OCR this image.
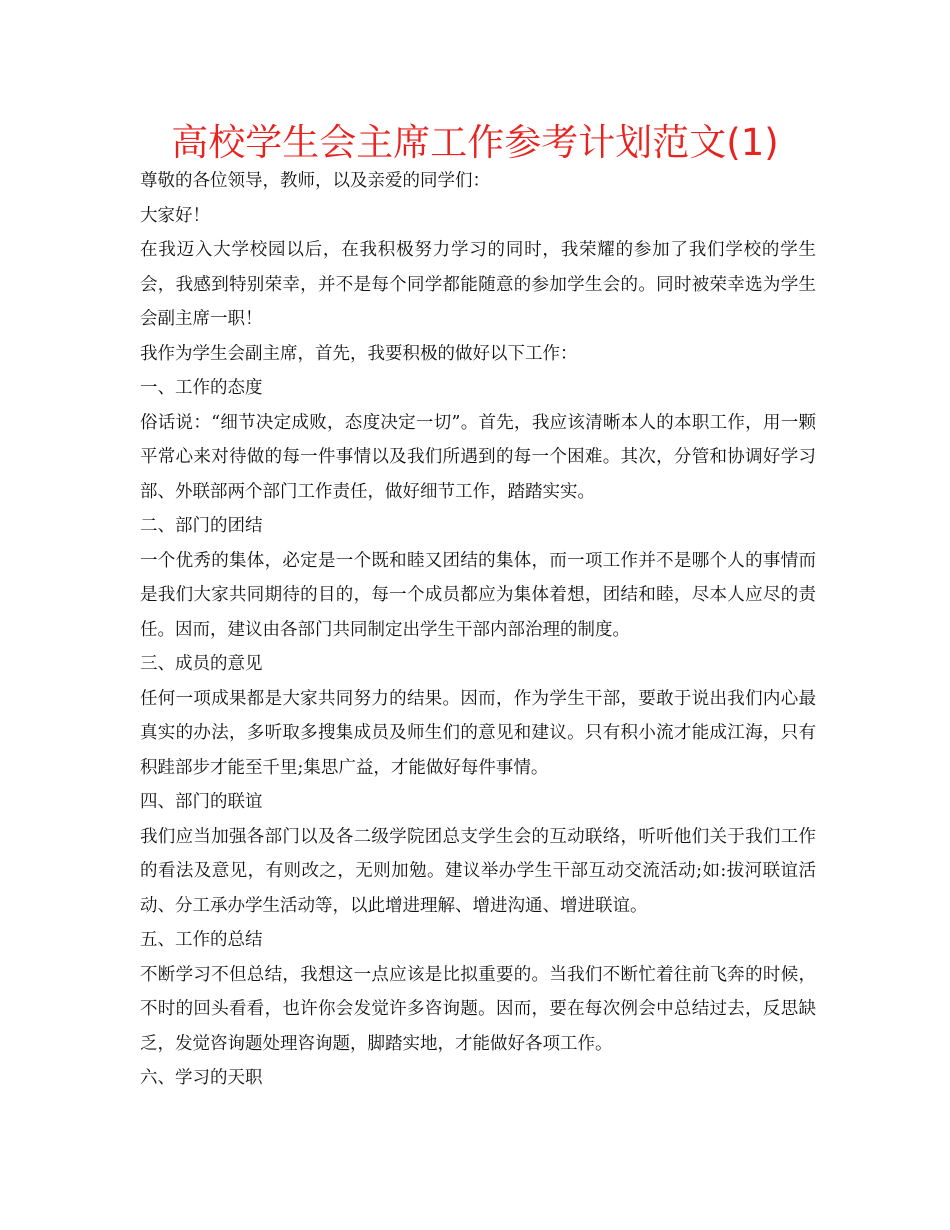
高校学生会主席工作参考计划范文(1)

尊敬的各位领导，教师，以及亲爱的同学们：

大家好！

在我迈入大学校园以后，在我积极努力学习的同时，我荣耀的参加了我们学校的学生会，我感到特别荣幸，并不是每个同学都能随意的参加学生会的。同时被荣幸选为学生会副主席一职！

我作为学生会副主席，首先，我要积极的做好以下工作：

一、工作的态度

俗话说：“细节决定成败，态度决定一切”。首先，我应该清晰本人的本职工作，用一颗平常心来对待做的每一件事情以及我们所遇到的每一个困难。其次，分管和协调好学习部、外联部两个部门工作责任，做好细节工作，踏踏实实。

二、部门的团结

一个优秀的集体，必定是一个既和睦又团结的集体，而一项工作并不是哪个人的事情而是我们大家共同期待的目的，每一个成员都应为集体着想，团结和睦，尽本人应尽的责任。因而，建议由各部门共同制定出学生干部内部治理的制度。

三、成员的意见

任何一项成果都是大家共同努力的结果。因而，作为学生干部，要敢于说出我们内心最真实的办法，多听取多搜集成员及师生们的意见和建议。只有积小流才能成江海，只有积跬部步才能至千里;集思广益，才能做好每件事情。

四、部门的联谊

我们应当加强各部门以及各二级学院团总支学生会的互动联络，听听他们关于我们工作的看法及意见，有则改之，无则加勉。建议举办学生干部互动交流活动;如:拔河联谊活动、分工承办学生活动等，以此增进理解、增进沟通、增进联谊。

五、工作的总结

不断学习不但总结，我想这一点应该是比拟重要的。当我们不断忙着往前飞奔的时候，不时的回头看看，也许你会发觉许多咨询题。因而，要在每次例会中总结过去，反思缺乏，发觉咨询题处理咨询题，脚踏实地，才能做好各项工作。

六、学习的天职
